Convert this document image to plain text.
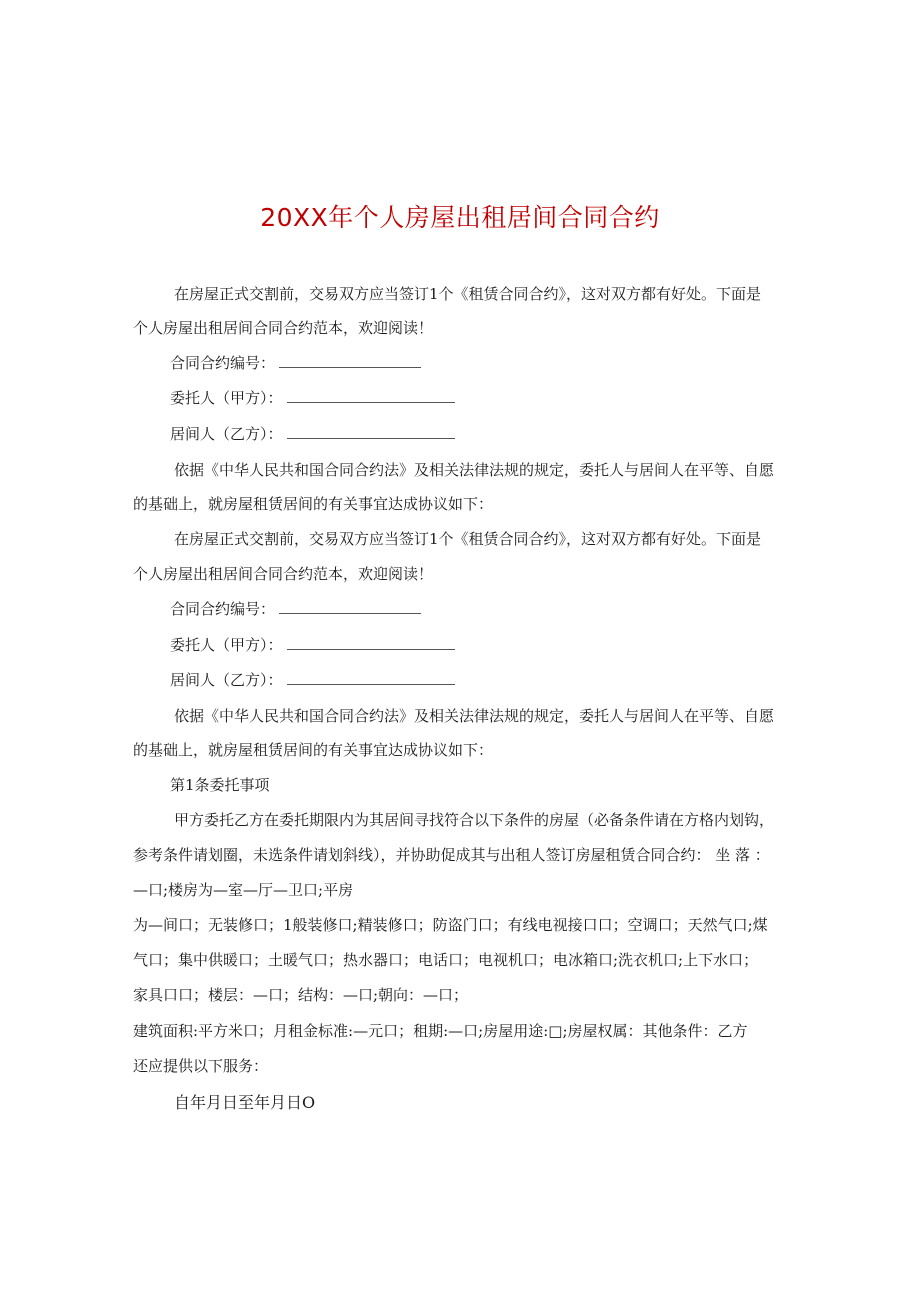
20XX年个人房屋出租居间合同合约
在房屋正式交割前，交易双方应当签订1个《租赁合同合约》，这对双方都有好处。下面是
个人房屋出租居间合同合约范本，欢迎阅读！
合同合约编号：
委托人（甲方）：
居间人（乙方）：
依据《中华人民共和国合同合约法》及相关法律法规的规定，委托人与居间人在平等、自愿
的基础上，就房屋租赁居间的有关事宜达成协议如下：
在房屋正式交割前，交易双方应当签订1个《租赁合同合约》，这对双方都有好处。下面是
个人房屋出租居间合同合约范本，欢迎阅读！
合同合约编号：
委托人（甲方）：
居间人（乙方）：
依据《中华人民共和国合同合约法》及相关法律法规的规定，委托人与居间人在平等、自愿
的基础上，就房屋租赁居间的有关事宜达成协议如下：
第1条委托事项
甲方委托乙方在委托期限内为其居间寻找符合以下条件的房屋（必备条件请在方格内划钩，
参考条件请划圈，未选条件请划斜线），并协助促成其与出租人签订房屋租赁合同合约： 坐 落 ：
—口;楼房为—室—厅—卫口;平房
为—间口；无装修口；1般装修口;精装修口；防盗门口；有线电视接口口；空调口；天然气口;煤
气口；集中供暖口；土暖气口；热水器口；电话口；电视机口；电冰箱口;洗衣机口;上下水口；
家具口口；楼层：—口；结构：—口;朝向：—口；
建筑面积:平方米口；月租金标准:—元口；租期:—口;房屋用途:□;房屋权属：其他条件：乙方
还应提供以下服务：
自年月日至年月日O
